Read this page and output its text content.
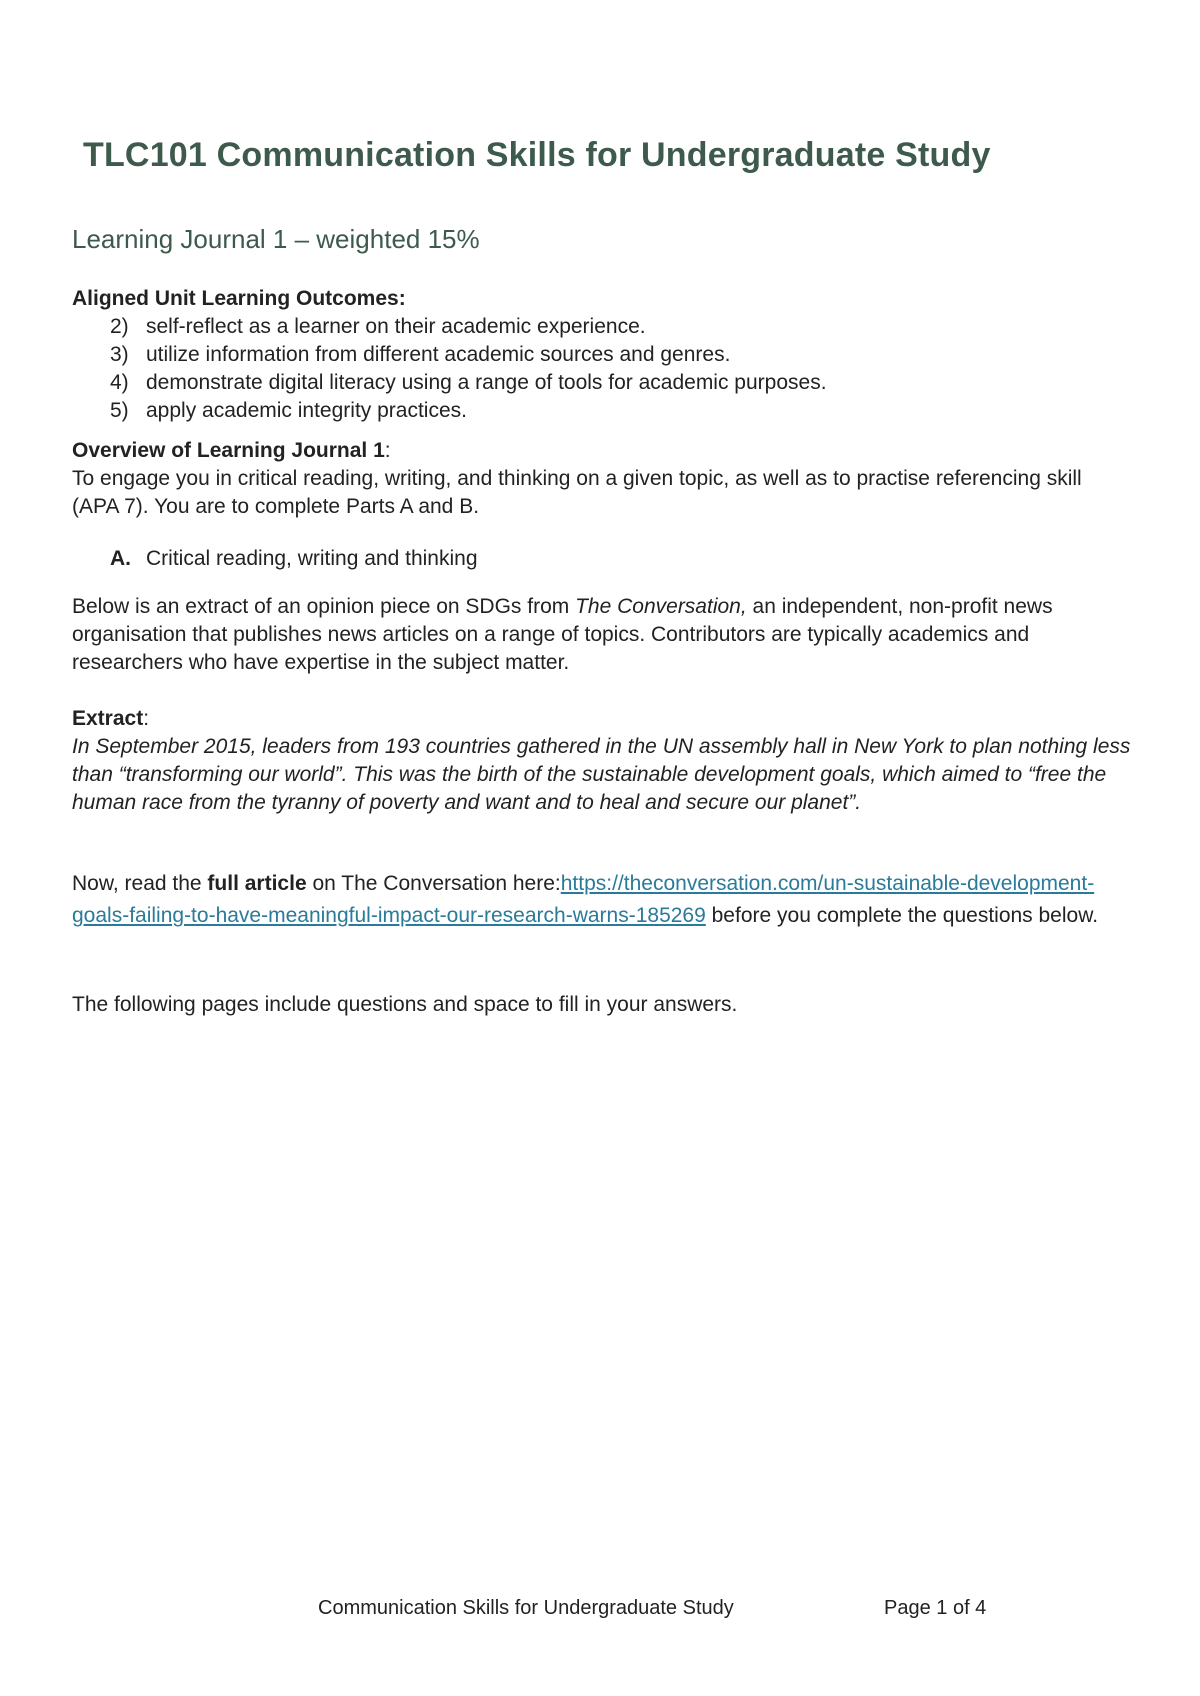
TLC101 Communication Skills for Undergraduate Study
Learning Journal 1 – weighted 15%
Aligned Unit Learning Outcomes:
2) self-reflect as a learner on their academic experience.
3) utilize information from different academic sources and genres.
4) demonstrate digital literacy using a range of tools for academic purposes.
5) apply academic integrity practices.
Overview of Learning Journal 1:
To engage you in critical reading, writing, and thinking on a given topic, as well as to practise referencing skill (APA 7). You are to complete Parts A and B.
A. Critical reading, writing and thinking
Below is an extract of an opinion piece on SDGs from The Conversation, an independent, non-profit news organisation that publishes news articles on a range of topics. Contributors are typically academics and researchers who have expertise in the subject matter.
Extract:
In September 2015, leaders from 193 countries gathered in the UN assembly hall in New York to plan nothing less than “transforming our world”. This was the birth of the sustainable development goals, which aimed to “free the human race from the tyranny of poverty and want and to heal and secure our planet”.
Now, read the full article on The Conversation here:https://theconversation.com/un-sustainable-development-goals-failing-to-have-meaningful-impact-our-research-warns-185269 before you complete the questions below.
The following pages include questions and space to fill in your answers.
Communication Skills for Undergraduate Study	Page 1 of 4
